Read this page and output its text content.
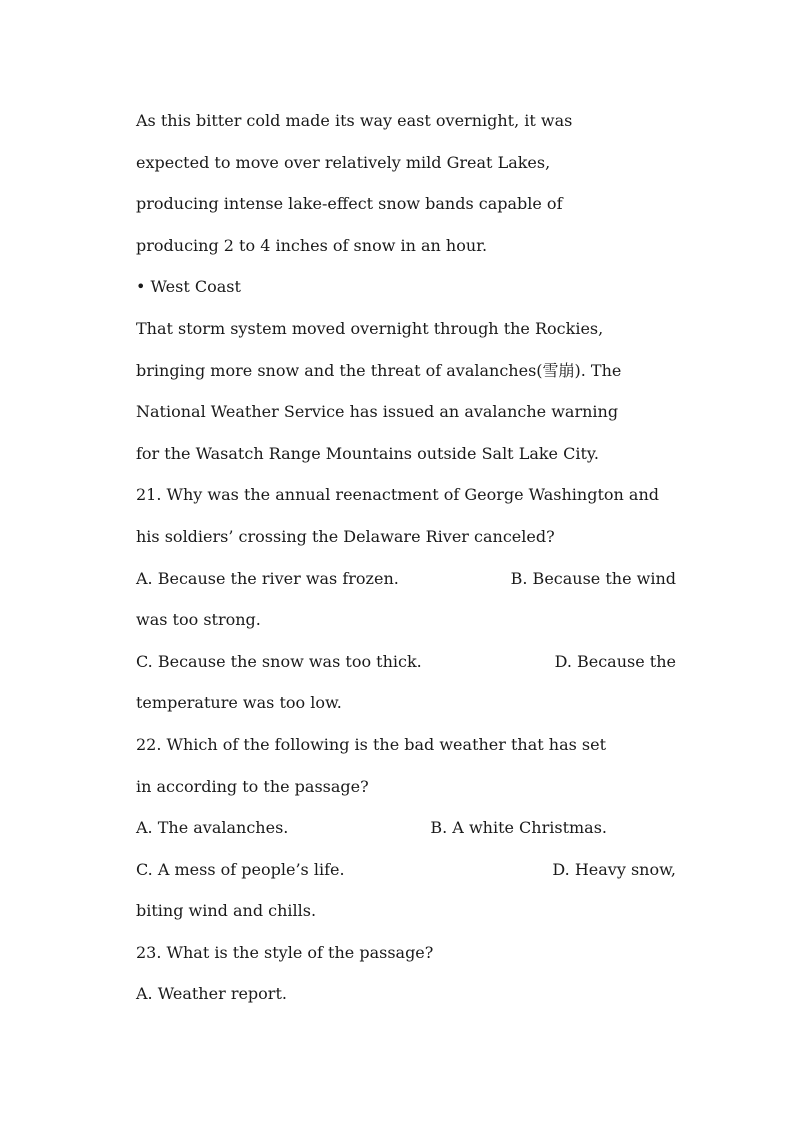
As this bitter cold made its way east overnight, it was
expected to move over relatively mild Great Lakes,
producing intense lake-effect snow bands capable of
producing 2 to 4 inches of snow in an hour.
• West Coast
That storm system moved overnight through the Rockies,
bringing more snow and the threat of avalanches(雪崩). The
National Weather Service has issued an avalanche warning
for the Wasatch Range Mountains outside Salt Lake City.
21. Why was the annual reenactment of George Washington and
his soldiers’ crossing the Delaware River canceled?
A. Because the river was frozen.	B. Because the wind
was too strong.
C. Because the snow was too thick.	D. Because the
temperature was too low.
22. Which of the following is the bad weather that has set
in according to the passage?
A. The avalanches.	B. A white Christmas.
C. A mess of people’s life.	D. Heavy snow,
biting wind and chills.
23. What is the style of the passage?
A. Weather report.
